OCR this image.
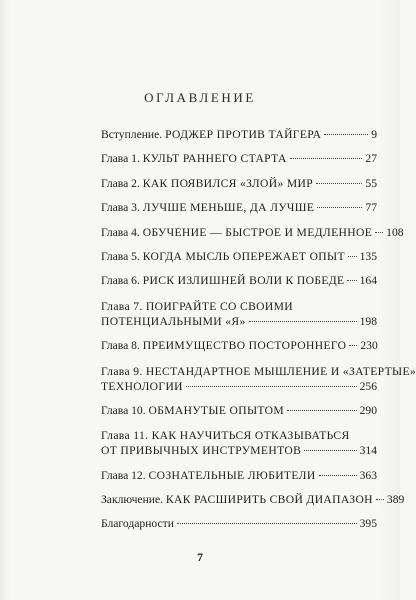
ОГЛАВЛЕНИЕ
Вступление. РОДЖЕР ПРОТИВ ТАЙГЕРА	9
Глава 1. КУЛЬТ РАННЕГО СТАРТА	27
Глава 2. КАК ПОЯВИЛСЯ «ЗЛОЙ» МИР	55
Глава 3. ЛУЧШЕ МЕНЬШЕ, ДА ЛУЧШЕ	77
Глава 4. ОБУЧЕНИЕ — БЫСТРОЕ И МЕДЛЕННОЕ 108
Глава 5. КОГДА МЫСЛЬ ОПЕРЕЖАЕТ ОПЫТ 135
Глава 6. РИСК ИЗЛИШНЕЙ ВОЛИ К ПОБЕДЕ 164
Глава 7. ПОИГРАЙТЕ СО СВОИМИ
ПОТЕНЦИАЛЬНЫМИ «Я»	198
Глава 8. ПРЕИМУЩЕСТВО ПОСТОРОННЕГО 230
Глава 9. НЕСТАНДАРТНОЕ МЫШЛЕНИЕ И «ЗАТЕРТЫЕ»
ТЕХНОЛОГИИ	256
Глава 10. ОБМАНУТЫЕ ОПЫТОМ	290
Глава 11. КАК НАУЧИТЬСЯ ОТКАЗЫВАТЬСЯ
ОТ ПРИВЫЧНЫХ ИНСТРУМЕНТОВ	314
Глава 12. СОЗНАТЕЛЬНЫЕ ЛЮБИТЕЛИ	363
Заключение. КАК РАСШИРИТЬ СВОЙ ДИАПАЗОН 389
Благодарности	395
7
